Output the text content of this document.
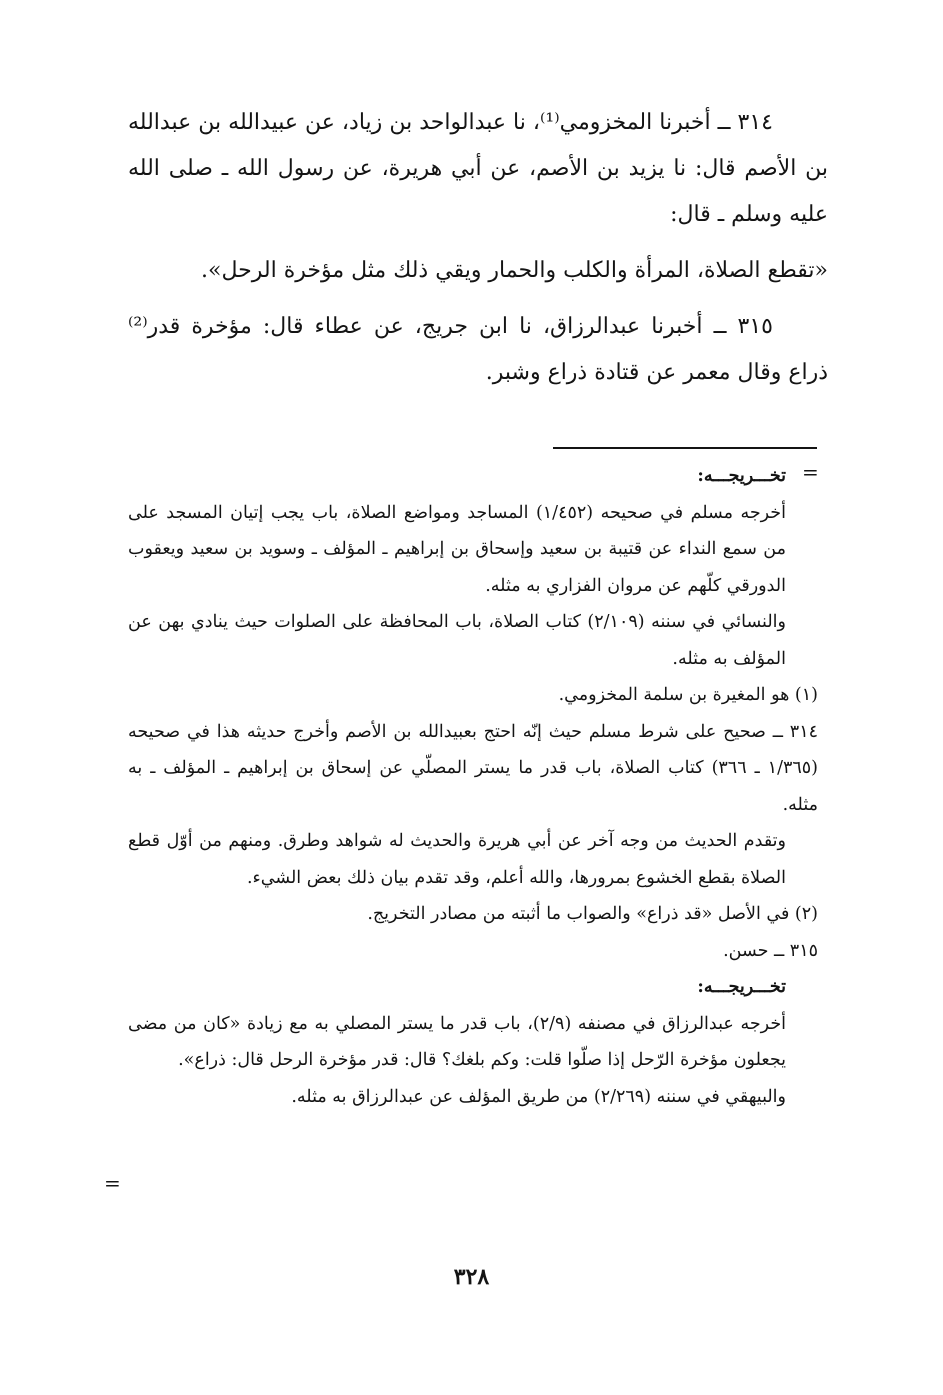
٣١٤ ــ أخبرنا المخزومي⁽¹⁾، نا عبدالواحد بن زياد، عن عبيدالله بن عبدالله بن الأصم قال: نا يزيد بن الأصم، عن أبي هريرة، عن رسول الله ـ صلى الله عليه وسلم ـ قال:

«تقطع الصلاة، المرأة والكلب والحمار ويقي ذلك مثل مؤخرة الرحل».

٣١٥ ــ أخبرنا عبدالرزاق، نا ابن جريج، عن عطاء قال: مؤخرة قدر⁽²⁾ ذراع وقال معمر عن قتادة ذراع وشبر.

=
=

تخـــريجـــه:

أخرجه مسلم في صحيحه (١/٤٥٢) المساجد ومواضع الصلاة، باب يجب إتيان المسجد على من سمع النداء عن قتيبة بن سعيد وإسحاق بن إبراهيم ـ المؤلف ـ وسويد بن سعيد ويعقوب الدورقي كلّهم عن مروان الفزاري به مثله.

والنسائي في سننه (٢/١٠٩) كتاب الصلاة، باب المحافظة على الصلوات حيث ينادي بهن عن المؤلف به مثله.

(١) هو المغيرة بن سلمة المخزومي.

٣١٤ ــ صحيح على شرط مسلم حيث إنّه احتج بعبيدالله بن الأصم وأخرج حديثه هذا في صحيحه (١/٣٦٥ ـ ٣٦٦) كتاب الصلاة، باب قدر ما يستر المصلّي عن إسحاق بن إبراهيم ـ المؤلف ـ به مثله.

وتقدم الحديث من وجه آخر عن أبي هريرة والحديث له شواهد وطرق. ومنهم من أوّل قطع الصلاة بقطع الخشوع بمرورها، والله أعلم، وقد تقدم بيان ذلك بعض الشيء.

(٢) في الأصل «قد ذراع» والصواب ما أثبته من مصادر التخريج.

٣١٥ ــ حسن.

تخـــريجـــه:

أخرجه عبدالرزاق في مصنفه (٢/٩)، باب قدر ما يستر المصلي به مع زيادة «كان من مضى يجعلون مؤخرة الرّحل إذا صلّوا قلت: وكم بلغك؟ قال: قدر مؤخرة الرحل قال: ذراع».

والبيهقي في سننه (٢/٢٦٩) من طريق المؤلف عن عبدالرزاق به مثله.

٣٢٨
